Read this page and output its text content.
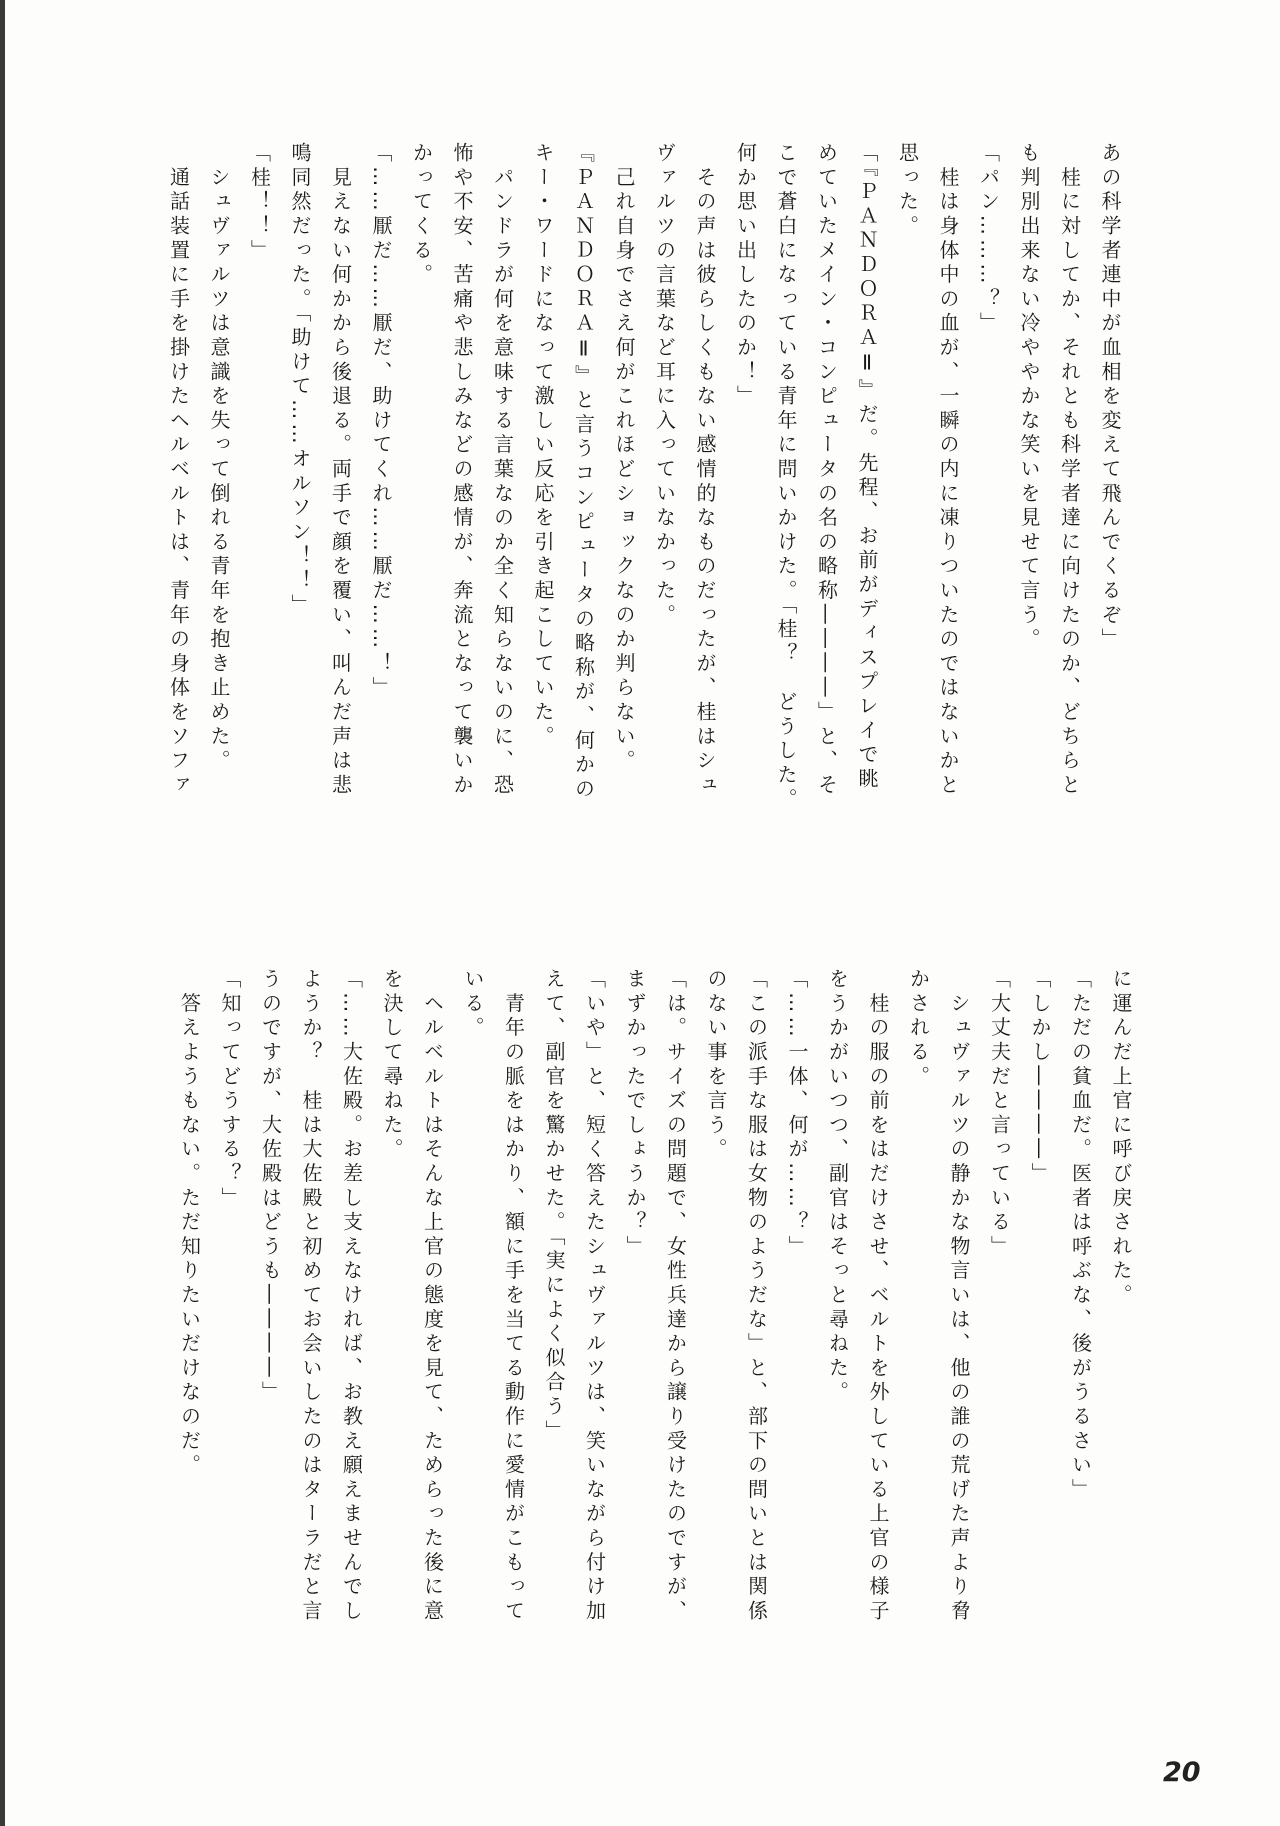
あの科学者連中が血相を変えて飛んでくるぞ」
　桂に対してか、それとも科学者達に向けたのか、どちらと
も判別出来ない冷ややかな笑いを見せて言う。
「パン………？」
　桂は身体中の血が、一瞬の内に凍りついたのではないかと
思った。
「『ＰＡＮＤＯＲＡⅡ』だ。先程、お前がディスプレイで眺
めていたメイン・コンピュータの名の略称――――」と、そ
こで蒼白になっている青年に問いかけた。「桂？　どうした。
何か思い出したのか！」
　その声は彼らしくもない感情的なものだったが、桂はシュ
ヴァルツの言葉など耳に入っていなかった。
　己れ自身でさえ何がこれほどショックなのか判らない。
『ＰＡＮＤＯＲＡⅡ』と言うコンピュータの略称が、何かの
キー・ワードになって激しい反応を引き起こしていた。
　パンドラが何を意味する言葉なのか全く知らないのに、恐
怖や不安、苦痛や悲しみなどの感情が、奔流となって襲いか
かってくる。
「……厭だ……厭だ、助けてくれ……厭だ……！」
　見えない何かから後退る。両手で顔を覆い、叫んだ声は悲
鳴同然だった。「助けて……オルソン！！」
「桂！！」
　シュヴァルツは意識を失って倒れる青年を抱き止めた。
　通話装置に手を掛けたヘルベルトは、青年の身体をソファ
に運んだ上官に呼び戻された。
「ただの貧血だ。医者は呼ぶな、後がうるさい」
「しかし――――」
「大丈夫だと言っている」
　シュヴァルツの静かな物言いは、他の誰の荒げた声より脅
かされる。
　桂の服の前をはだけさせ、ベルトを外している上官の様子
をうかがいつつ、副官はそっと尋ねた。
「……一体、何が……？」
「この派手な服は女物のようだな」と、部下の問いとは関係
のない事を言う。
「は。サイズの問題で、女性兵達から譲り受けたのですが、
まずかったでしょうか？」
「いや」と、短く答えたシュヴァルツは、笑いながら付け加
えて、副官を驚かせた。「実によく似合う」
　青年の脈をはかり、額に手を当てる動作に愛情がこもって
いる。
　ヘルベルトはそんな上官の態度を見て、ためらった後に意
を決して尋ねた。
「……大佐殿。お差し支えなければ、お教え願えませんでし
ようか？　桂は大佐殿と初めてお会いしたのはターラだと言
うのですが、大佐殿はどうも――――」
「知ってどうする？」
　答えようもない。ただ知りたいだけなのだ。
20
